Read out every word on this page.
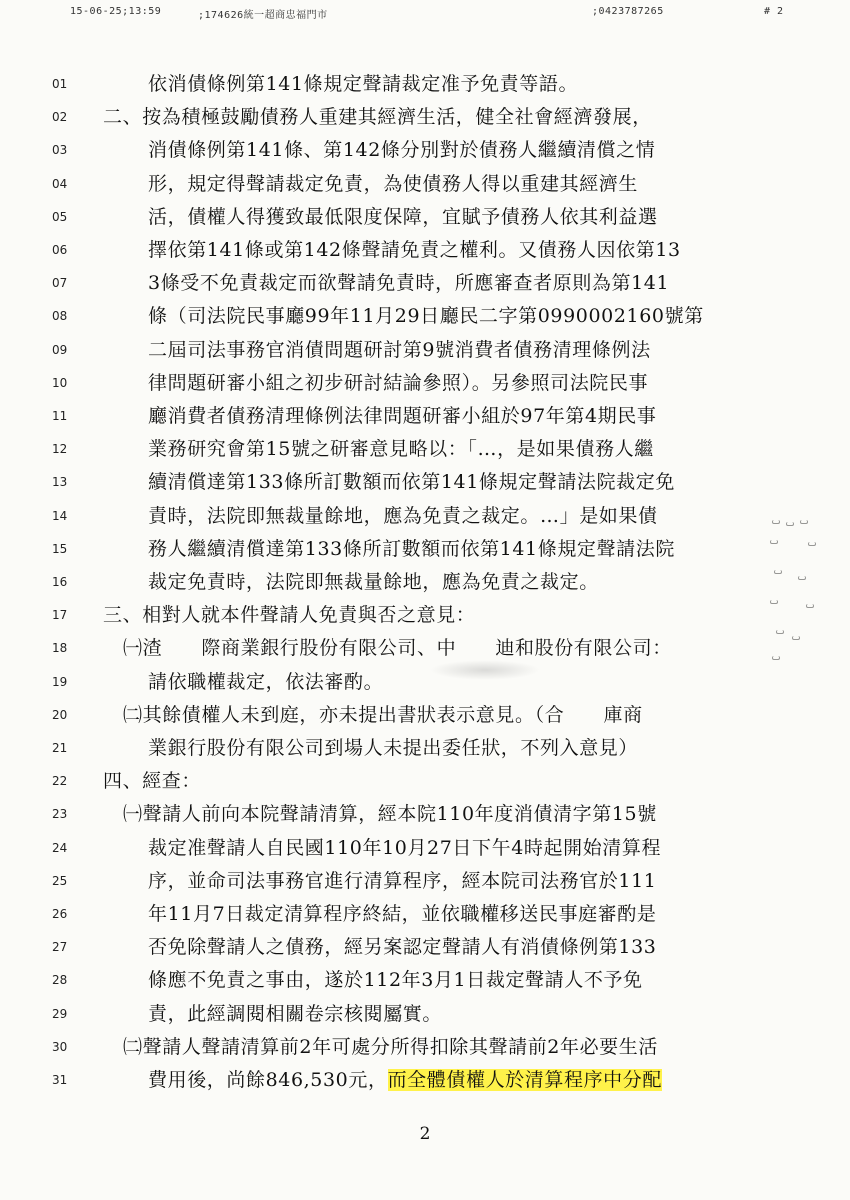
15-06-25;13:59	;174626統一超商忠福門市	;0423787265	# 2
01	依消債條例第141條規定聲請裁定准予免責等語。
02	二、按為積極鼓勵債務人重建其經濟生活，健全社會經濟發展，
03	消債條例第141條、第142條分別對於債務人繼續清償之情
04	形，規定得聲請裁定免責，為使債務人得以重建其經濟生
05	活，債權人得獲致最低限度保障，宜賦予債務人依其利益選
06	擇依第141條或第142條聲請免責之權利。又債務人因依第13
07	3條受不免責裁定而欲聲請免責時，所應審查者原則為第141
08	條（司法院民事廳99年11月29日廳民二字第0990002160號第
09	二屆司法事務官消債問題研討第9號消費者債務清理條例法
10	律問題研審小組之初步研討結論參照）。另參照司法院民事
11	廳消費者債務清理條例法律問題研審小組於97年第4期民事
12	業務研究會第15號之研審意見略以：「…，是如果債務人繼
13	續清償達第133條所訂數額而依第141條規定聲請法院裁定免
14	責時，法院即無裁量餘地，應為免責之裁定。…」是如果債
15	務人繼續清償達第133條所訂數額而依第141條規定聲請法院
16	裁定免責時，法院即無裁量餘地，應為免責之裁定。
17	三、相對人就本件聲請人免責與否之意見：
18	㈠渣　　際商業銀行股份有限公司、中　　迪和股份有限公司：
19	請依職權裁定，依法審酌。
20	㈡其餘債權人未到庭，亦未提出書狀表示意見。（合　　庫商
21	業銀行股份有限公司到場人未提出委任狀，不列入意見）
22	四、經查：
23	㈠聲請人前向本院聲請清算，經本院110年度消債清字第15號
24	裁定准聲請人自民國110年10月27日下午4時起開始清算程
25	序，並命司法事務官進行清算程序，經本院司法務官於111
26	年11月7日裁定清算程序終結，並依職權移送民事庭審酌是
27	否免除聲請人之債務，經另案認定聲請人有消債條例第133
28	條應不免責之事由，遂於112年3月1日裁定聲請人不予免
29	責，此經調閱相關卷宗核閱屬實。
30	㈡聲請人聲請清算前2年可處分所得扣除其聲請前2年必要生活
31	費用後，尚餘846,530元，而全體債權人於清算程序中分配
2
